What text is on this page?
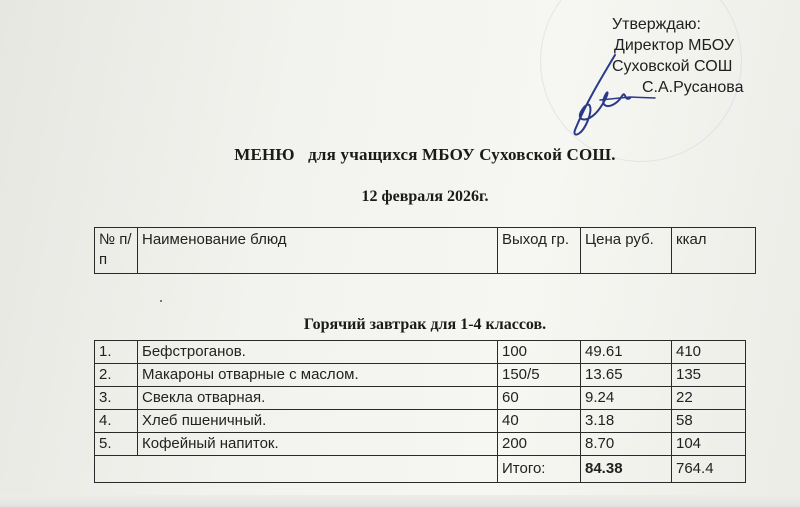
Утверждаю:
Директор МБОУ
Суховской СОШ
С.А.Русанова
МЕНЮ   для учащихся МБОУ Суховской СОШ.
12 февраля 2026г.
№ п/п	Наименование блюд	Выход гр.	Цена руб.	ккал
Горячий завтрак для 1-4 классов.
1.	Бефстроганов.	100	49.61	410
2.	Макароны отварные с маслом.	150/5	13.65	135
3.	Свекла отварная.	60	9.24	22
4.	Хлеб пшеничный.	40	3.18	58
5.	Кофейный напиток.	200	8.70	104
		Итого:	84.38	764.4
